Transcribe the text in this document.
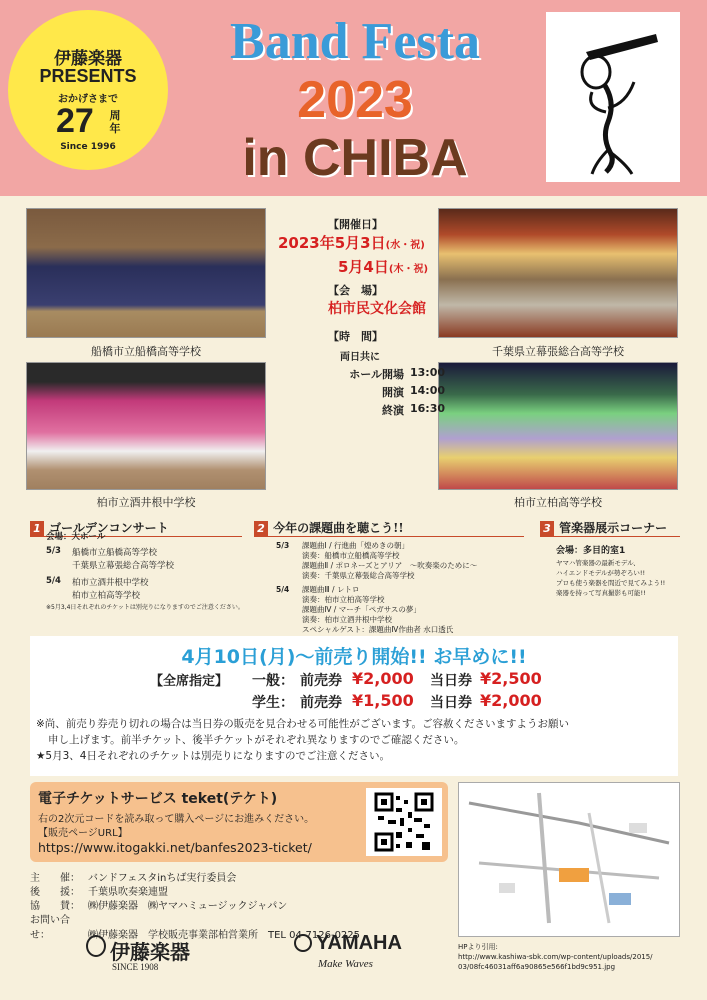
伊藤楽器
PRESENTS
おかげさまで
27 周年
Since 1996
Band Festa
2023
in CHIBA
船橋市立船橋高等学校	千葉県立幕張総合高等学校
柏市立酒井根中学校	柏市立柏高等学校
【開催日】
2023年5月3日(水・祝)
5月4日(木・祝)
【会　場】
柏市民文化会館
【時　間】
両日共に
ホール開場 13:00
開演 14:00
終演 16:30
1 ゴールデンコンサート
会場：大ホール
5/3 船橋市立船橋高等学校
千葉県立幕張総合高等学校
5/4 柏市立酒井根中学校
柏市立柏高等学校
※5月3,4日それぞれのチケットは別売りになりますのでご注意ください。
2 今年の課題曲を聴こう!!
5/3 課題曲Ⅰ / 行進曲「煌めきの朝」
演奏：船橋市立船橋高等学校
課題曲Ⅱ / ポロネーズとアリア　～吹奏楽のために～
演奏：千葉県立幕張総合高等学校
5/4 課題曲Ⅲ / レトロ
演奏：柏市立柏高等学校
課題曲Ⅳ / マーチ「ペガサスの夢」
演奏：柏市立酒井根中学校
スペシャルゲスト：課題曲Ⅳ作曲者 水口透氏
3 管楽器展示コーナー
会場：多目的室1
ヤマハ管楽器の最新モデル、
ハイエンドモデルが勢ぞろい!!
プロも使う楽器を間近で見てみよう!!
楽器を持って写真撮影も可能!!
4月10日(月)～前売り開始!! お早めに!!
【全席指定】 一般： 前売券 ¥2,000 当日券 ¥2,500
学生： 前売券 ¥1,500 当日券 ¥2,000
※尚、前売り券売り切れの場合は当日券の販売を見合わせる可能性がございます。ご容赦くださいますようお願い
申し上げます。前半チケット、後半チケットがそれぞれ異なりますのでご確認ください。
★5月3、4日それぞれのチケットは別売りになりますのでご注意ください。
電子チケットサービス teket(テケト)
右の2次元コードを読み取って購入ページにお進みください。
【販売ページURL】
https://www.itogakki.net/banfes2023-ticket/
HPより引用:
http://www.kashiwa-sbk.com/wp-content/uploads/2015/
03/08fc46031aff6a90865e566f1bd9c951.jpg
主　　催： バンドフェスタinちば実行委員会
後　　援： 千葉県吹奏楽連盟
協　　賛： ㈱伊藤楽器　㈱ヤマハミュージックジャパン
お問い合せ：	㈱伊藤楽器　学校販売事業部柏営業所　TEL 04-7126-0225
伊藤楽器
SINCE 1908
YAMAHA
Make Waves
